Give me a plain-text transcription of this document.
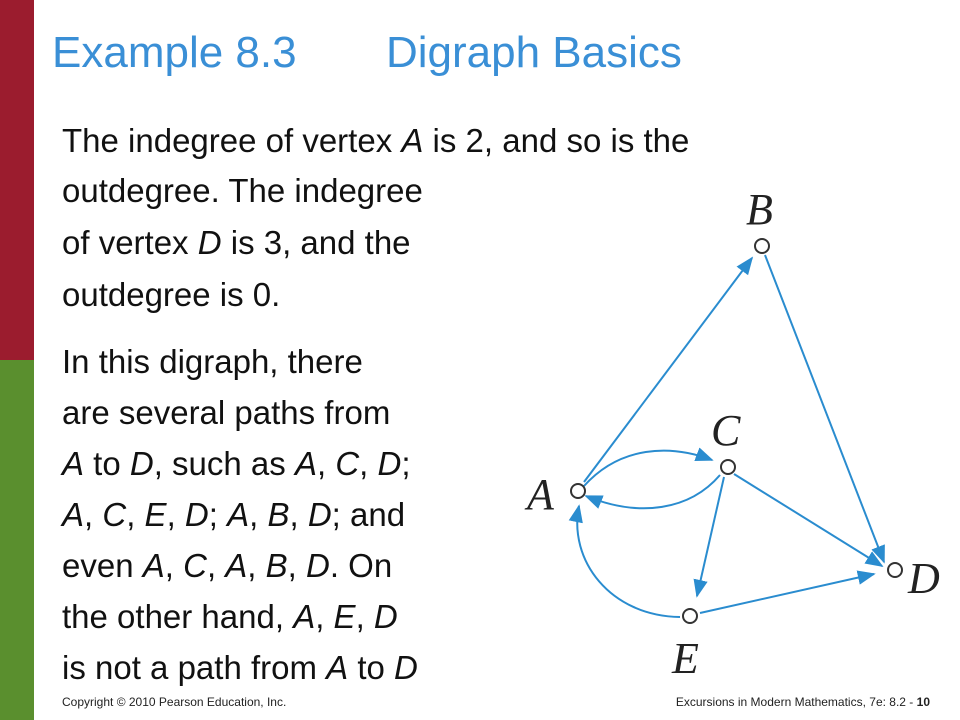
Example 8.3 Digraph Basics
The indegree of vertex A is 2, and so is the
outdegree. The indegree
of vertex D is 3, and the
outdegree is 0.
In this digraph, there
are several paths from
A to D, such as A, C, D;
A, C, E, D; A, B, D; and
even A, C, A, B, D. On
the other hand, A, E, D
is not a path from A to D
A
B
C
D
E
Copyright © 2010 Pearson Education, Inc.	Excursions in Modern Mathematics, 7e: 8.2 - 10
